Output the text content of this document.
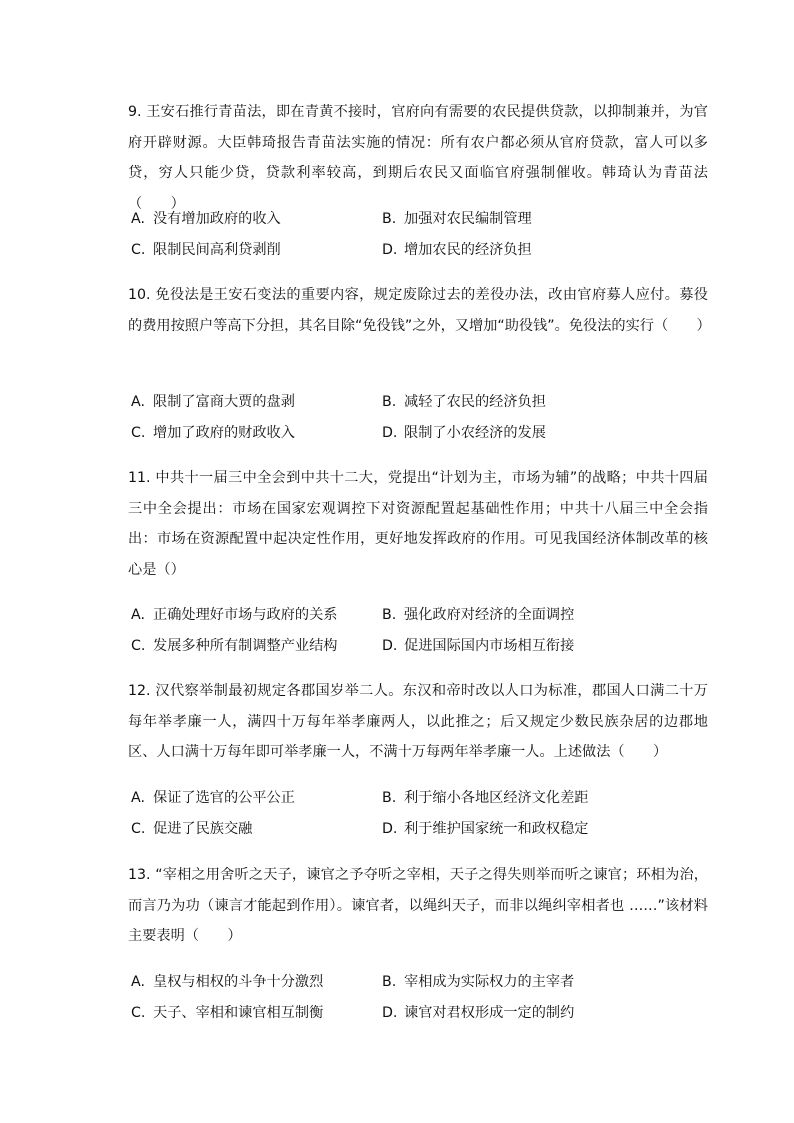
9. 王安石推行青苗法，即在青黄不接时，官府向有需要的农民提供贷款，以抑制兼并，为官府开辟财源。大臣韩琦报告青苗法实施的情况：所有农户都必须从官府贷款，富人可以多贷，穷人只能少贷，贷款利率较高，到期后农民又面临官府强制催收。韩琦认为青苗法（　　）

A. 没有增加政府的收入	B. 加强对农民编制管理
C. 限制民间高利贷剥削	D. 增加农民的经济负担

10. 免役法是王安石变法的重要内容，规定废除过去的差役办法，改由官府募人应付。募役的费用按照户等高下分担，其名目除“免役钱”之外，又增加“助役钱”。免役法的实行（　　）

A. 限制了富商大贾的盘剥	B. 减轻了农民的经济负担
C. 增加了政府的财政收入	D. 限制了小农经济的发展

11. 中共十一届三中全会到中共十二大，党提出“计划为主，市场为辅”的战略；中共十四届三中全会提出：市场在国家宏观调控下对资源配置起基础性作用；中共十八届三中全会指出：市场在资源配置中起决定性作用，更好地发挥政府的作用。可见我国经济体制改革的核心是（）

A. 正确处理好市场与政府的关系	B. 强化政府对经济的全面调控
C. 发展多种所有制调整产业结构	D. 促进国际国内市场相互衔接

12. 汉代察举制最初规定各郡国岁举二人。东汉和帝时改以人口为标准，郡国人口满二十万每年举孝廉一人，满四十万每年举孝廉两人，以此推之；后又规定少数民族杂居的边郡地区、人口满十万每年即可举孝廉一人，不满十万每两年举孝廉一人。上述做法（　　）

A. 保证了选官的公平公正	B. 利于缩小各地区经济文化差距
C. 促进了民族交融	D. 利于维护国家统一和政权稳定

13. “宰相之用舍听之天子，谏官之予夺听之宰相，天子之得失则举而听之谏官；环相为治，而言乃为功（谏言才能起到作用）。谏官者，以绳纠天子，而非以绳纠宰相者也 ……”该材料主要表明（　　）

A. 皇权与相权的斗争十分激烈	B. 宰相成为实际权力的主宰者
C. 天子、宰相和谏官相互制衡	D. 谏官对君权形成一定的制约
